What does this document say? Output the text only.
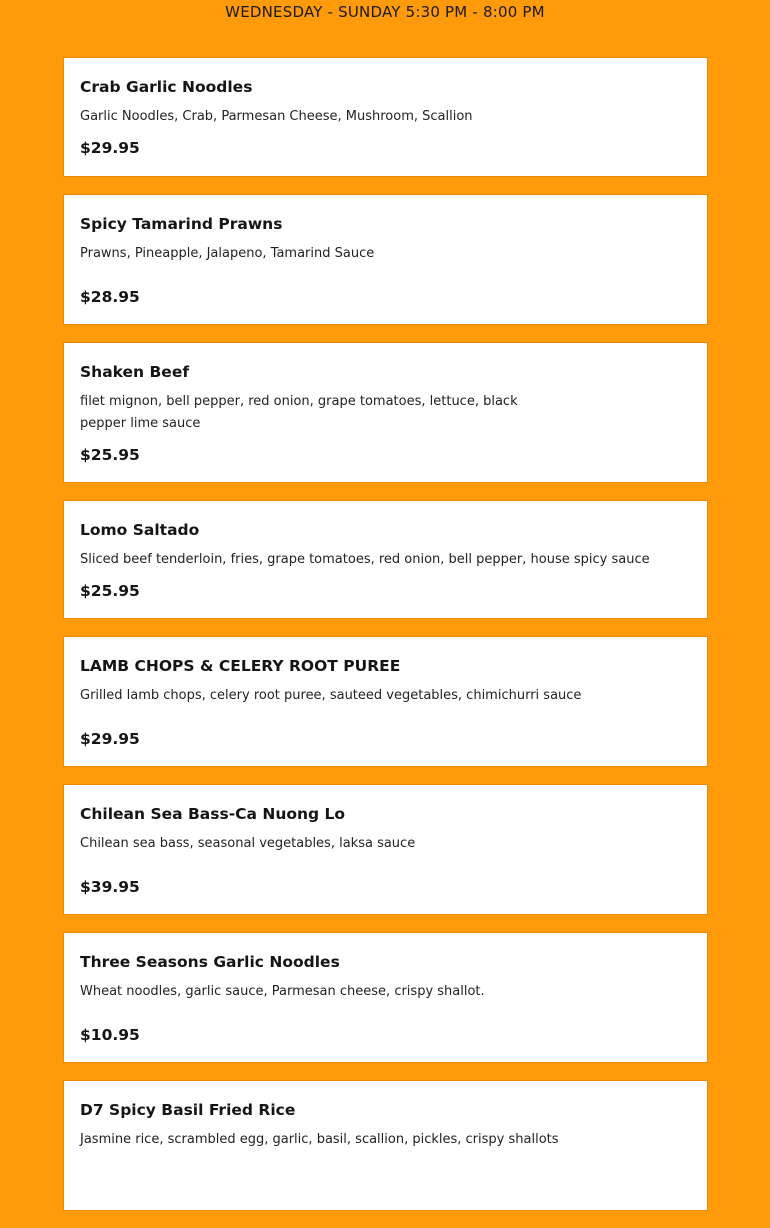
WEDNESDAY - SUNDAY 5:30 PM - 8:00 PM
Crab Garlic Noodles
Garlic Noodles, Crab, Parmesan Cheese, Mushroom, Scallion
$29.95
Spicy Tamarind Prawns
Prawns, Pineapple, Jalapeno, Tamarind Sauce
$28.95
Shaken Beef
filet mignon, bell pepper, red onion, grape tomatoes, lettuce, black pepper lime sauce
$25.95
Lomo Saltado
Sliced beef tenderloin, fries, grape tomatoes, red onion, bell pepper, house spicy sauce
$25.95
LAMB CHOPS & CELERY ROOT PUREE
Grilled lamb chops, celery root puree, sauteed vegetables, chimichurri sauce
$29.95
Chilean Sea Bass-Ca Nuong Lo
Chilean sea bass, seasonal vegetables, laksa sauce
$39.95
Three Seasons Garlic Noodles
Wheat noodles, garlic sauce, Parmesan cheese, crispy shallot.
$10.95
D7 Spicy Basil Fried Rice
Jasmine rice, scrambled egg, garlic, basil, scallion, pickles, crispy shallots
